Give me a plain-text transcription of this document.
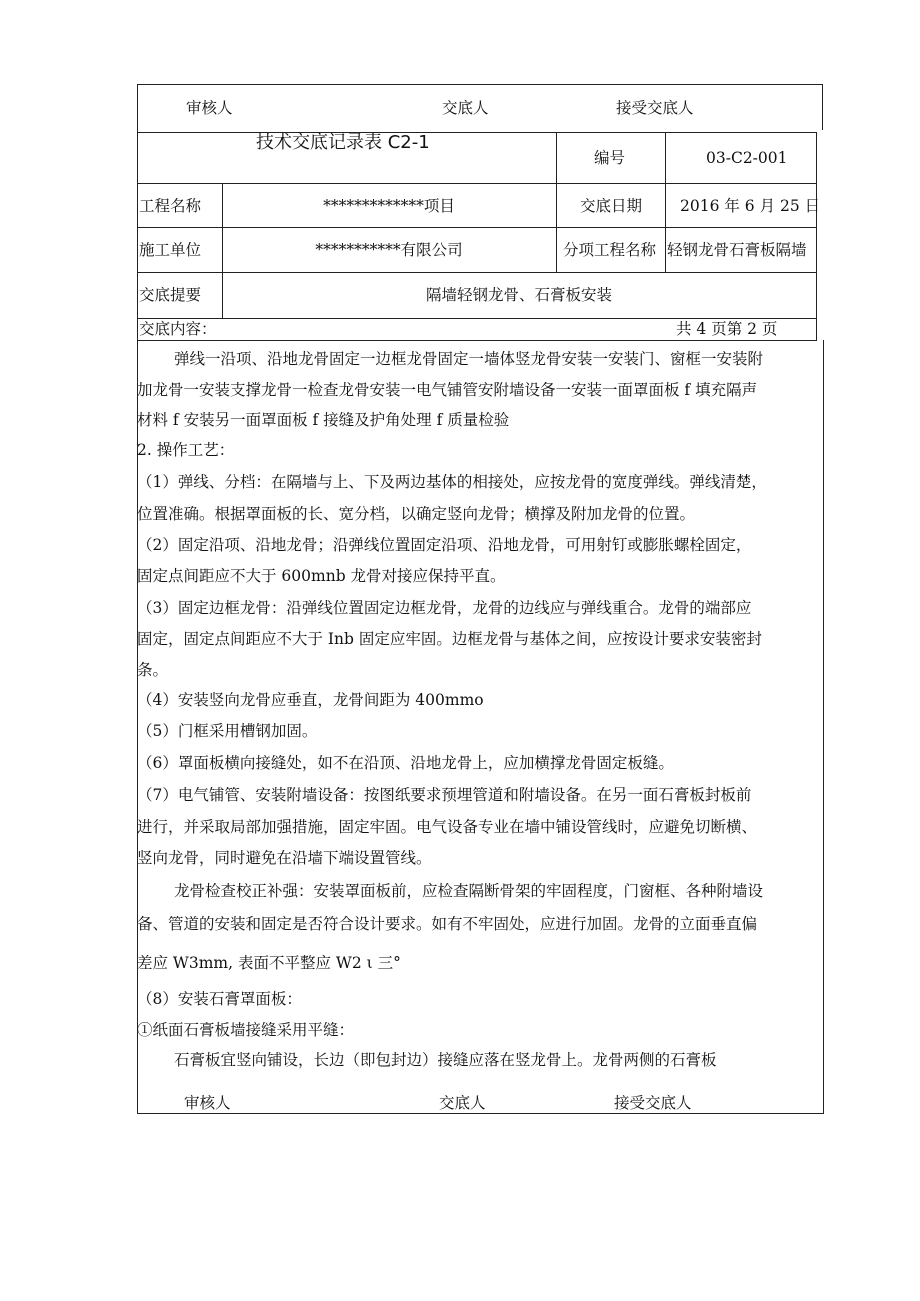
审核人	交底人	接受交底人
技术交底记录表 C2-1
编号	03-C2-001
工程名称	*************项目	交底日期 2016 年 6 月 25 日
施工单位	***********有限公司	分项工程名称 轻钢龙骨石膏板隔墙
交底提要	隔墙轻钢龙骨、石膏板安装
交底内容：	共 4 页第 2 页
弹线一沿项、沿地龙骨固定一边框龙骨固定一墙体竖龙骨安装一安装门、窗框一安装附
加龙骨一安装支撑龙骨一检查龙骨安装一电气铺管安附墙设备一安装一面罩面板 f 填充隔声
材料 f 安装另一面罩面板 f 接缝及护角处理 f 质量检验
2. 操作工艺：
（1）弹线、分档：在隔墙与上、下及两边基体的相接处，应按龙骨的宽度弹线。弹线清楚，
位置准确。根据罩面板的长、宽分档，以确定竖向龙骨；横撑及附加龙骨的位置。
（2）固定沿项、沿地龙骨；沿弹线位置固定沿项、沿地龙骨，可用射钉或膨胀螺栓固定，
固定点间距应不大于 600mnb 龙骨对接应保持平直。
（3）固定边框龙骨：沿弹线位置固定边框龙骨，龙骨的边线应与弹线重合。龙骨的端部应
固定，固定点间距应不大于 Inb 固定应牢固。边框龙骨与基体之间，应按设计要求安装密封
条。
（4）安装竖向龙骨应垂直，龙骨间距为 400mmo
（5）门框采用槽钢加固。
（6）罩面板横向接缝处，如不在沿顶、沿地龙骨上，应加横撑龙骨固定板缝。
（7）电气铺管、安装附墙设备：按图纸要求预埋管道和附墙设备。在另一面石膏板封板前
进行，并采取局部加强措施，固定牢固。电气设备专业在墙中铺设管线时，应避免切断横、
竖向龙骨，同时避免在沿墙下端设置管线。
龙骨检查校正补强：安装罩面板前，应检查隔断骨架的牢固程度，门窗框、各种附墙设
备、管道的安装和固定是否符合设计要求。如有不牢固处，应进行加固。龙骨的立面垂直偏
差应 W3mm, 表面不平整应 W2 ι 三°
（8）安装石膏罩面板：
①纸面石膏板墙接缝采用平缝：
石膏板宜竖向铺设，长边（即包封边）接缝应落在竖龙骨上。龙骨两侧的石膏板
审核人	交底人	接受交底人
